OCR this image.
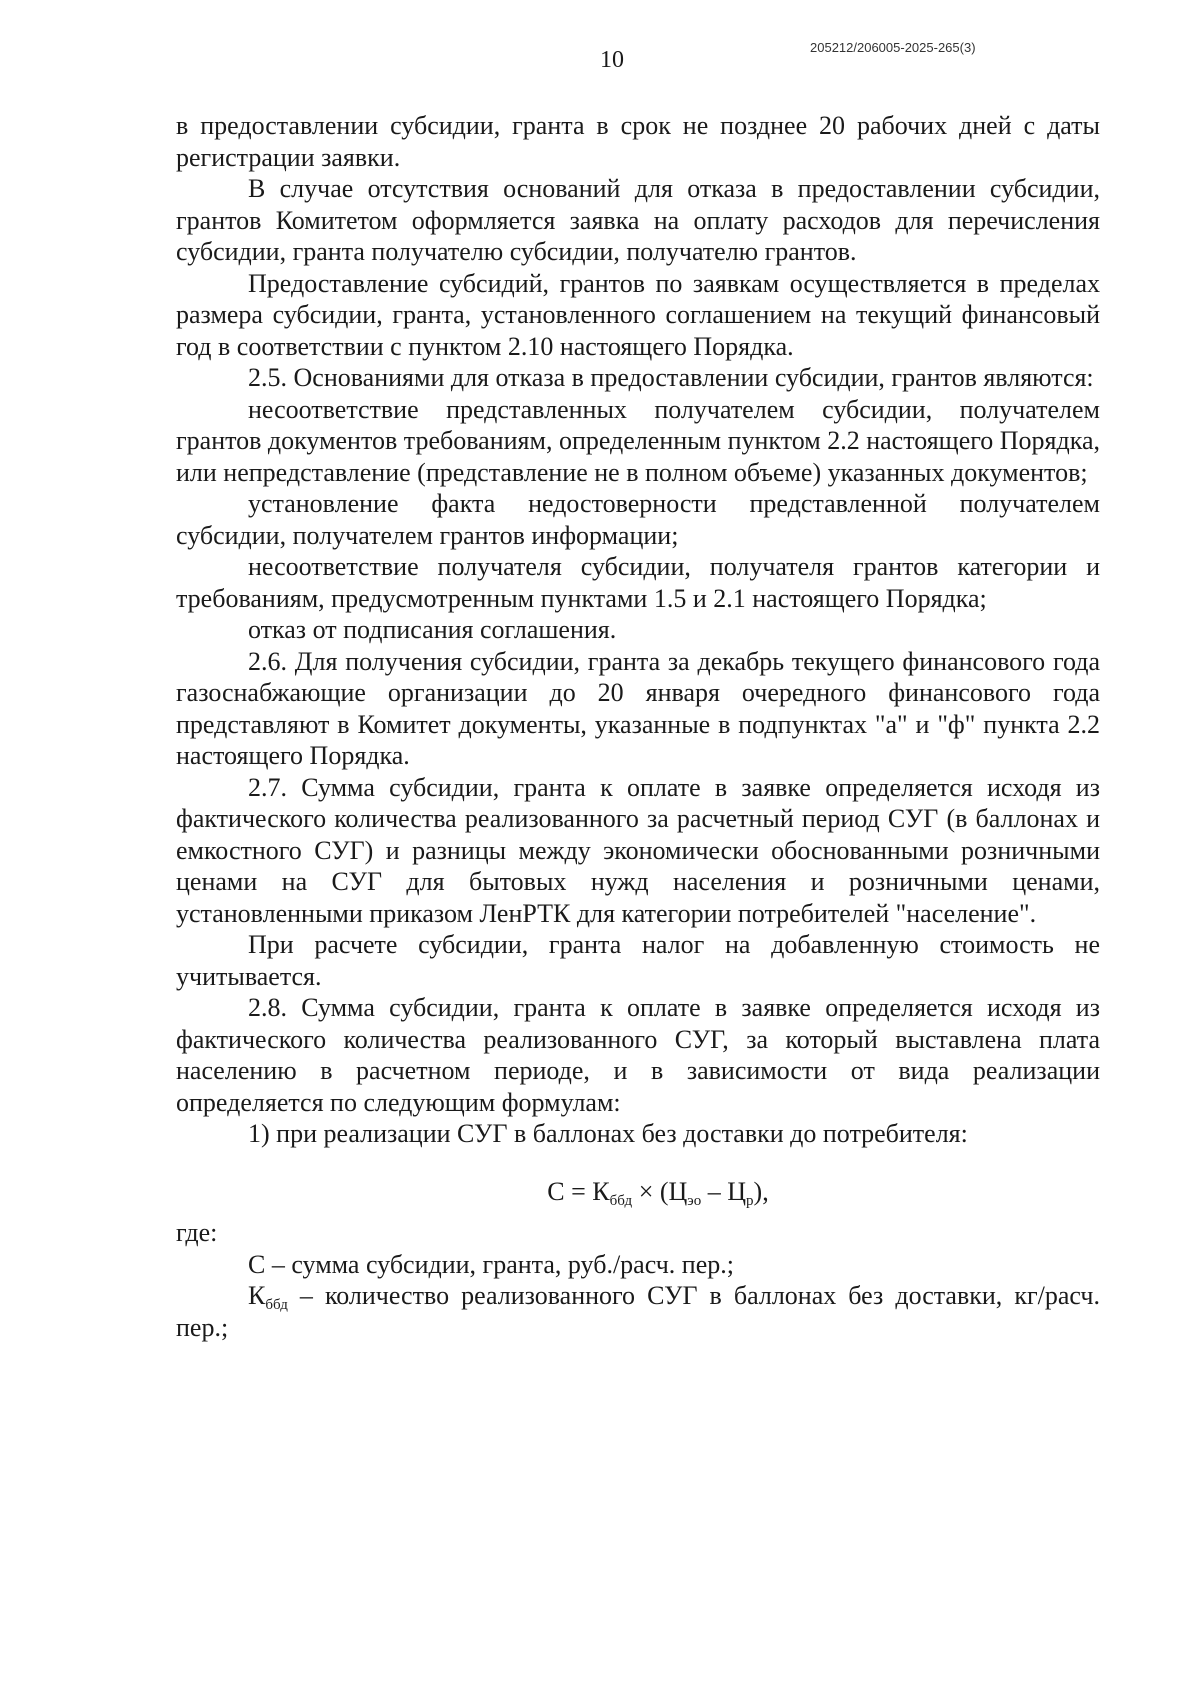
10	205212/206005-2025-265(3)

в предоставлении субсидии, гранта в срок не позднее 20 рабочих дней с даты регистрации заявки.

В случае отсутствия оснований для отказа в предоставлении субсидии, грантов Комитетом оформляется заявка на оплату расходов для перечисления субсидии, гранта получателю субсидии, получателю грантов.

Предоставление субсидий, грантов по заявкам осуществляется в пределах размера субсидии, гранта, установленного соглашением на текущий финансовый год в соответствии с пунктом 2.10 настоящего Порядка.

2.5. Основаниями для отказа в предоставлении субсидии, грантов являются:

несоответствие представленных получателем субсидии, получателем грантов документов требованиям, определенным пунктом 2.2 настоящего Порядка, или непредставление (представление не в полном объеме) указанных документов;

установление факта недостоверности представленной получателем субсидии, получателем грантов информации;

несоответствие получателя субсидии, получателя грантов категории и требованиям, предусмотренным пунктами 1.5 и 2.1 настоящего Порядка;

отказ от подписания соглашения.

2.6. Для получения субсидии, гранта за декабрь текущего финансового года газоснабжающие организации до 20 января очередного финансового года представляют в Комитет документы, указанные в подпунктах "а" и "ф" пункта 2.2 настоящего Порядка.

2.7. Сумма субсидии, гранта к оплате в заявке определяется исходя из фактического количества реализованного за расчетный период СУГ (в баллонах и емкостного СУГ) и разницы между экономически обоснованными розничными ценами на СУГ для бытовых нужд населения и розничными ценами, установленными приказом ЛенРТК для категории потребителей "население".

При расчете субсидии, гранта налог на добавленную стоимость не учитывается.

2.8. Сумма субсидии, гранта к оплате в заявке определяется исходя из фактического количества реализованного СУГ, за который выставлена плата населению в расчетном периоде, и в зависимости от вида реализации определяется по следующим формулам:

1) при реализации СУГ в баллонах без доставки до потребителя:

$С = К_{ббд} \times (Ц_{эо} - Ц_р)$,

где:

С – сумма субсидии, гранта, руб./расч. пер.;

$К_{ббд}$ – количество реализованного СУГ в баллонах без доставки, кг/расч. пер.;
